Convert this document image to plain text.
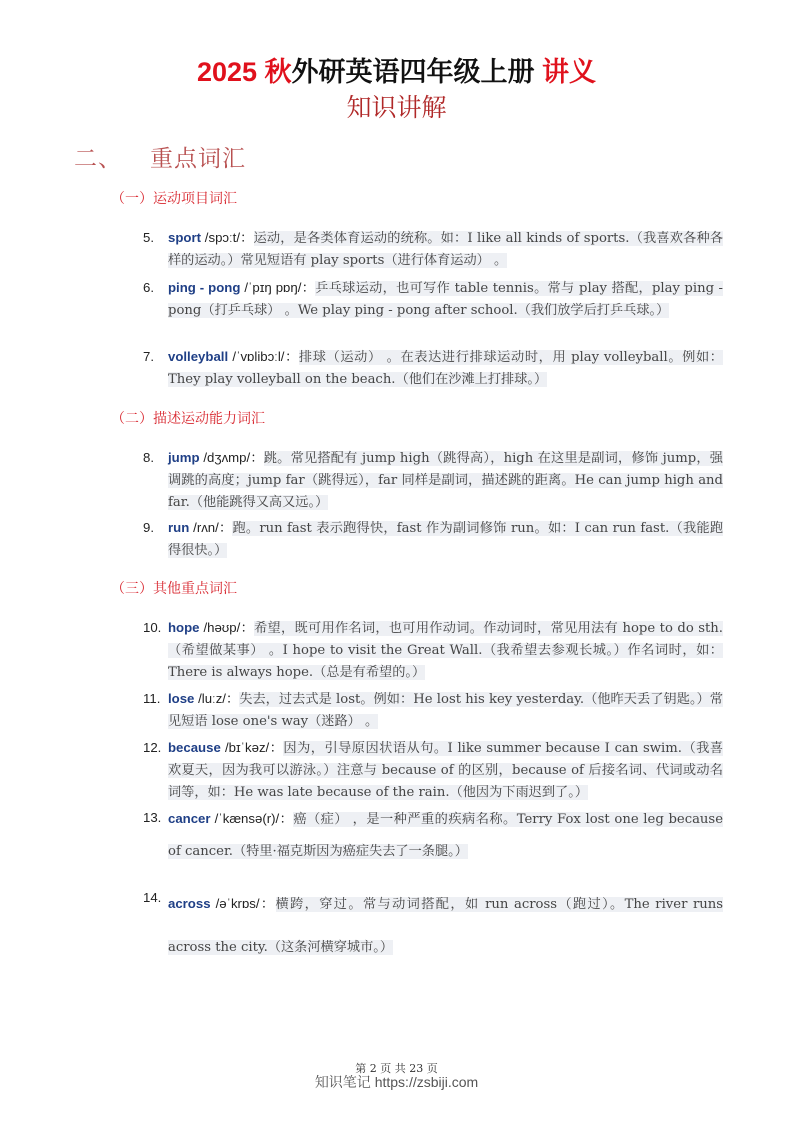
2025 秋外研英语四年级上册 讲义
知识讲解
二、 重点词汇
（一）运动项目词汇
（二）描述运动能力词汇
（三）其他重点词汇
5.	sport /spɔːt/：运动，是各类体育运动的统称。如：I like all kinds of sports.（我喜欢各种各样的运动。）常见短语有 play sports（进行体育运动） 。
6.	ping - pong /ˈpɪŋ pɒŋ/：乒乓球运动，也可写作 table tennis。常与 play 搭配，play ping - pong（打乒乓球） 。We play ping - pong after school.（我们放学后打乒乓球。）
7.	volleyball /ˈvɒlibɔːl/：排球（运动） 。在表达进行排球运动时，用 play volleyball。例如：They play volleyball on the beach.（他们在沙滩上打排球。）
8.	jump /dʒʌmp/：跳。常见搭配有 jump high（跳得高），high 在这里是副词，修饰 jump，强调跳的高度；jump far（跳得远），far 同样是副词，描述跳的距离。He can jump high and far.（他能跳得又高又远。）
9.	run /rʌn/：跑。run fast 表示跑得快，fast 作为副词修饰 run。如：I can run fast.（我能跑得很快。）
10. hope /həʊp/：希望，既可用作名词，也可用作动词。作动词时，常见用法有 hope to do sth.（希望做某事） 。I hope to visit the Great Wall.（我希望去参观长城。）作名词时，如：There is always hope.（总是有希望的。）
11. lose /luːz/：失去，过去式是 lost。例如：He lost his key yesterday.（他昨天丢了钥匙。）常见短语 lose one's way（迷路） 。
12. because /bɪˈkəz/：因为，引导原因状语从句。I like summer because I can swim.（我喜欢夏天，因为我可以游泳。）注意与 because of 的区别，because of 后接名词、代词或动名词等，如：He was late because of the rain.（他因为下雨迟到了。）
13. cancer /ˈkænsə(r)/：癌（症） ，是一种严重的疾病名称。Terry Fox lost one leg because of cancer.（特里·福克斯因为癌症失去了一条腿。）
14. across /əˈkrɒs/：横跨，穿过。常与动词搭配，如 run across（跑过）。The river runs across the city.（这条河横穿城市。）
第 2 页 共 23 页
知识笔记 https://zsbiji.com
